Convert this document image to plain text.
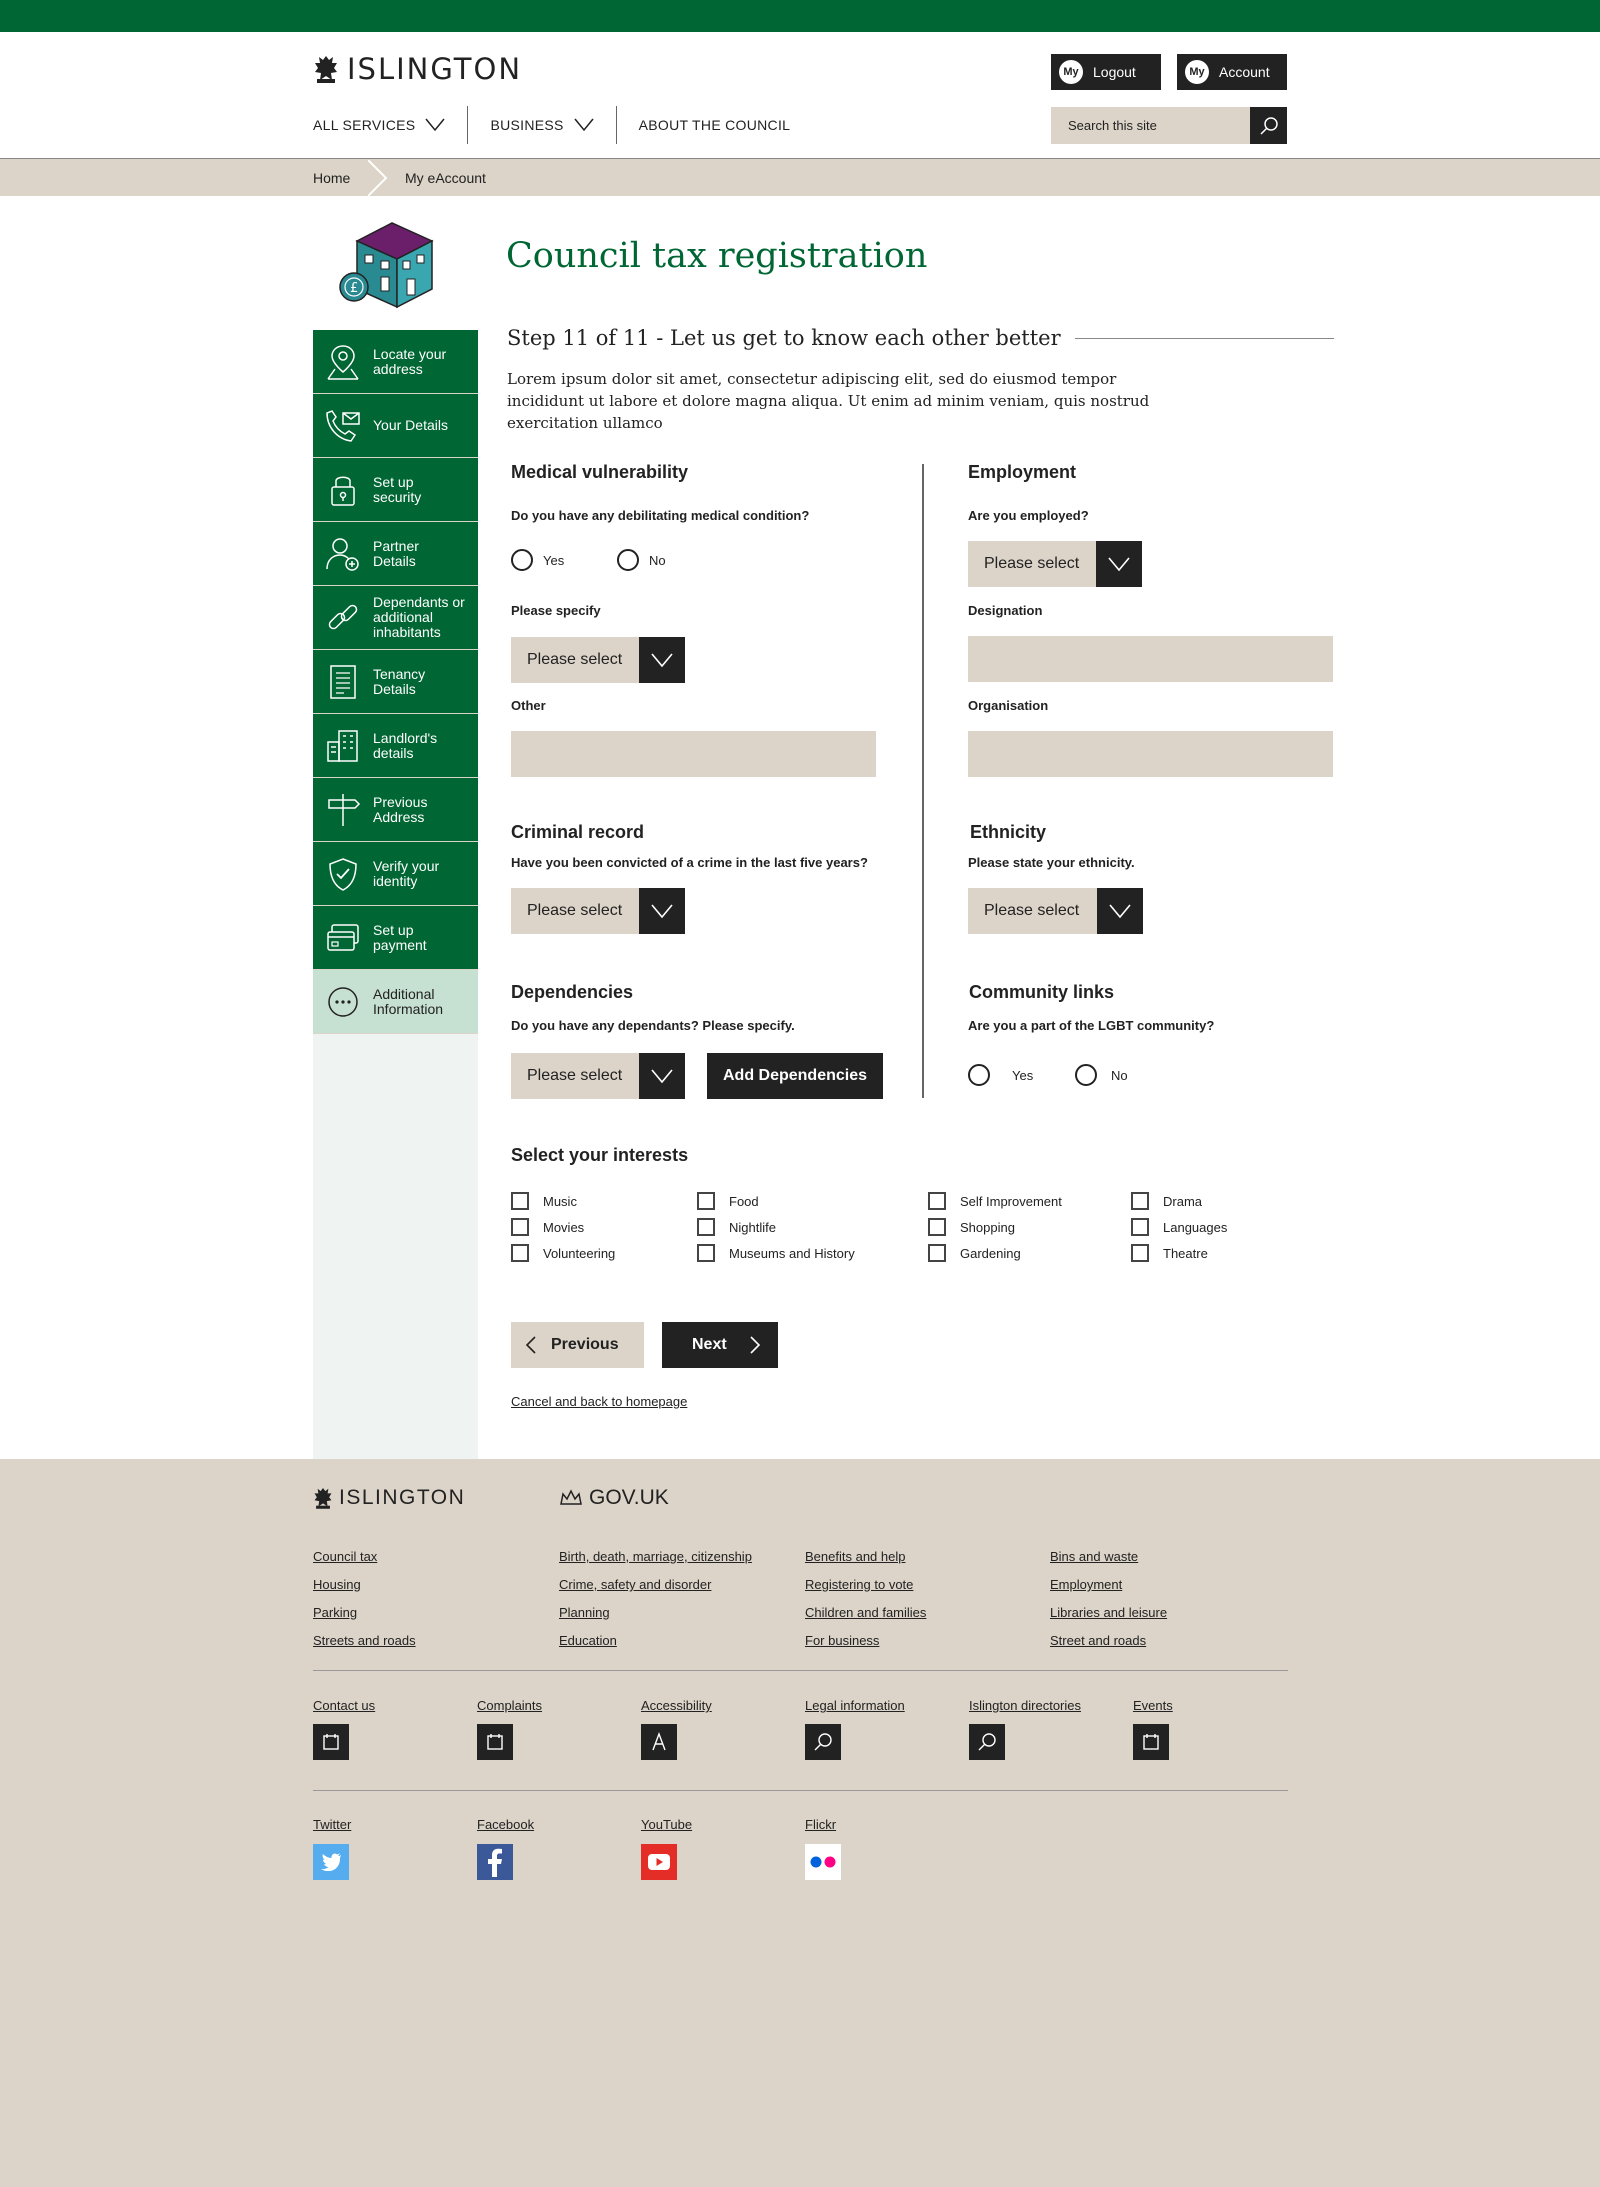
ISLINGTON	My	Logout	My	Account
ALL SERVICES	BUSINESS	ABOUT THE COUNCIL
Search this site
Home	My eAccount
£
Council tax registration
Locate your address
Your Details
Set up security
Partner Details
Dependants or additional inhabitants
Tenancy Details
Landlord's details
Previous Address
Verify your identity
Set up payment
Additional Information
Step 11 of 11 - Let us get to know each other better

Lorem ipsum dolor sit amet, consectetur adipiscing elit, sed do eiusmod tempor incididunt ut labore et dolore magna aliqua. Ut enim ad minim veniam, quis nostrud exercitation ullamco

Medical vulnerability
Do you have any debilitating medical condition?
Yes	No
Please specify
Please select
Other
Employment
Are you employed?
Please select
Designation
Organisation
Criminal record
Have you been convicted of a crime in the last five years?
Please select
Ethnicity
Please state your ethnicity.
Please select
Dependencies
Do you have any dependants? Please specify.
Please select	Add Dependencies
Community links
Are you a part of the LGBT community?
Yes	No
Select your interests
Music
Movies
Volunteering
Food
Nightlife
Museums and History
Self Improvement
Shopping
Gardening
Drama
Languages
Theatre
Previous	Next
Cancel and back to homepage
ISLINGTON	GOV.UK
Council tax
Housing
Parking
Streets and roads
Birth, death, marriage, citizenship
Crime, safety and disorder
Planning
Education
Benefits and help
Registering to vote
Children and families
For business
Bins and waste
Employment
Libraries and leisure
Street and roads
Contact us	Complaints	Accessibility	Legal information	Islington directories	Events
Twitter	Facebook	YouTube	Flickr
